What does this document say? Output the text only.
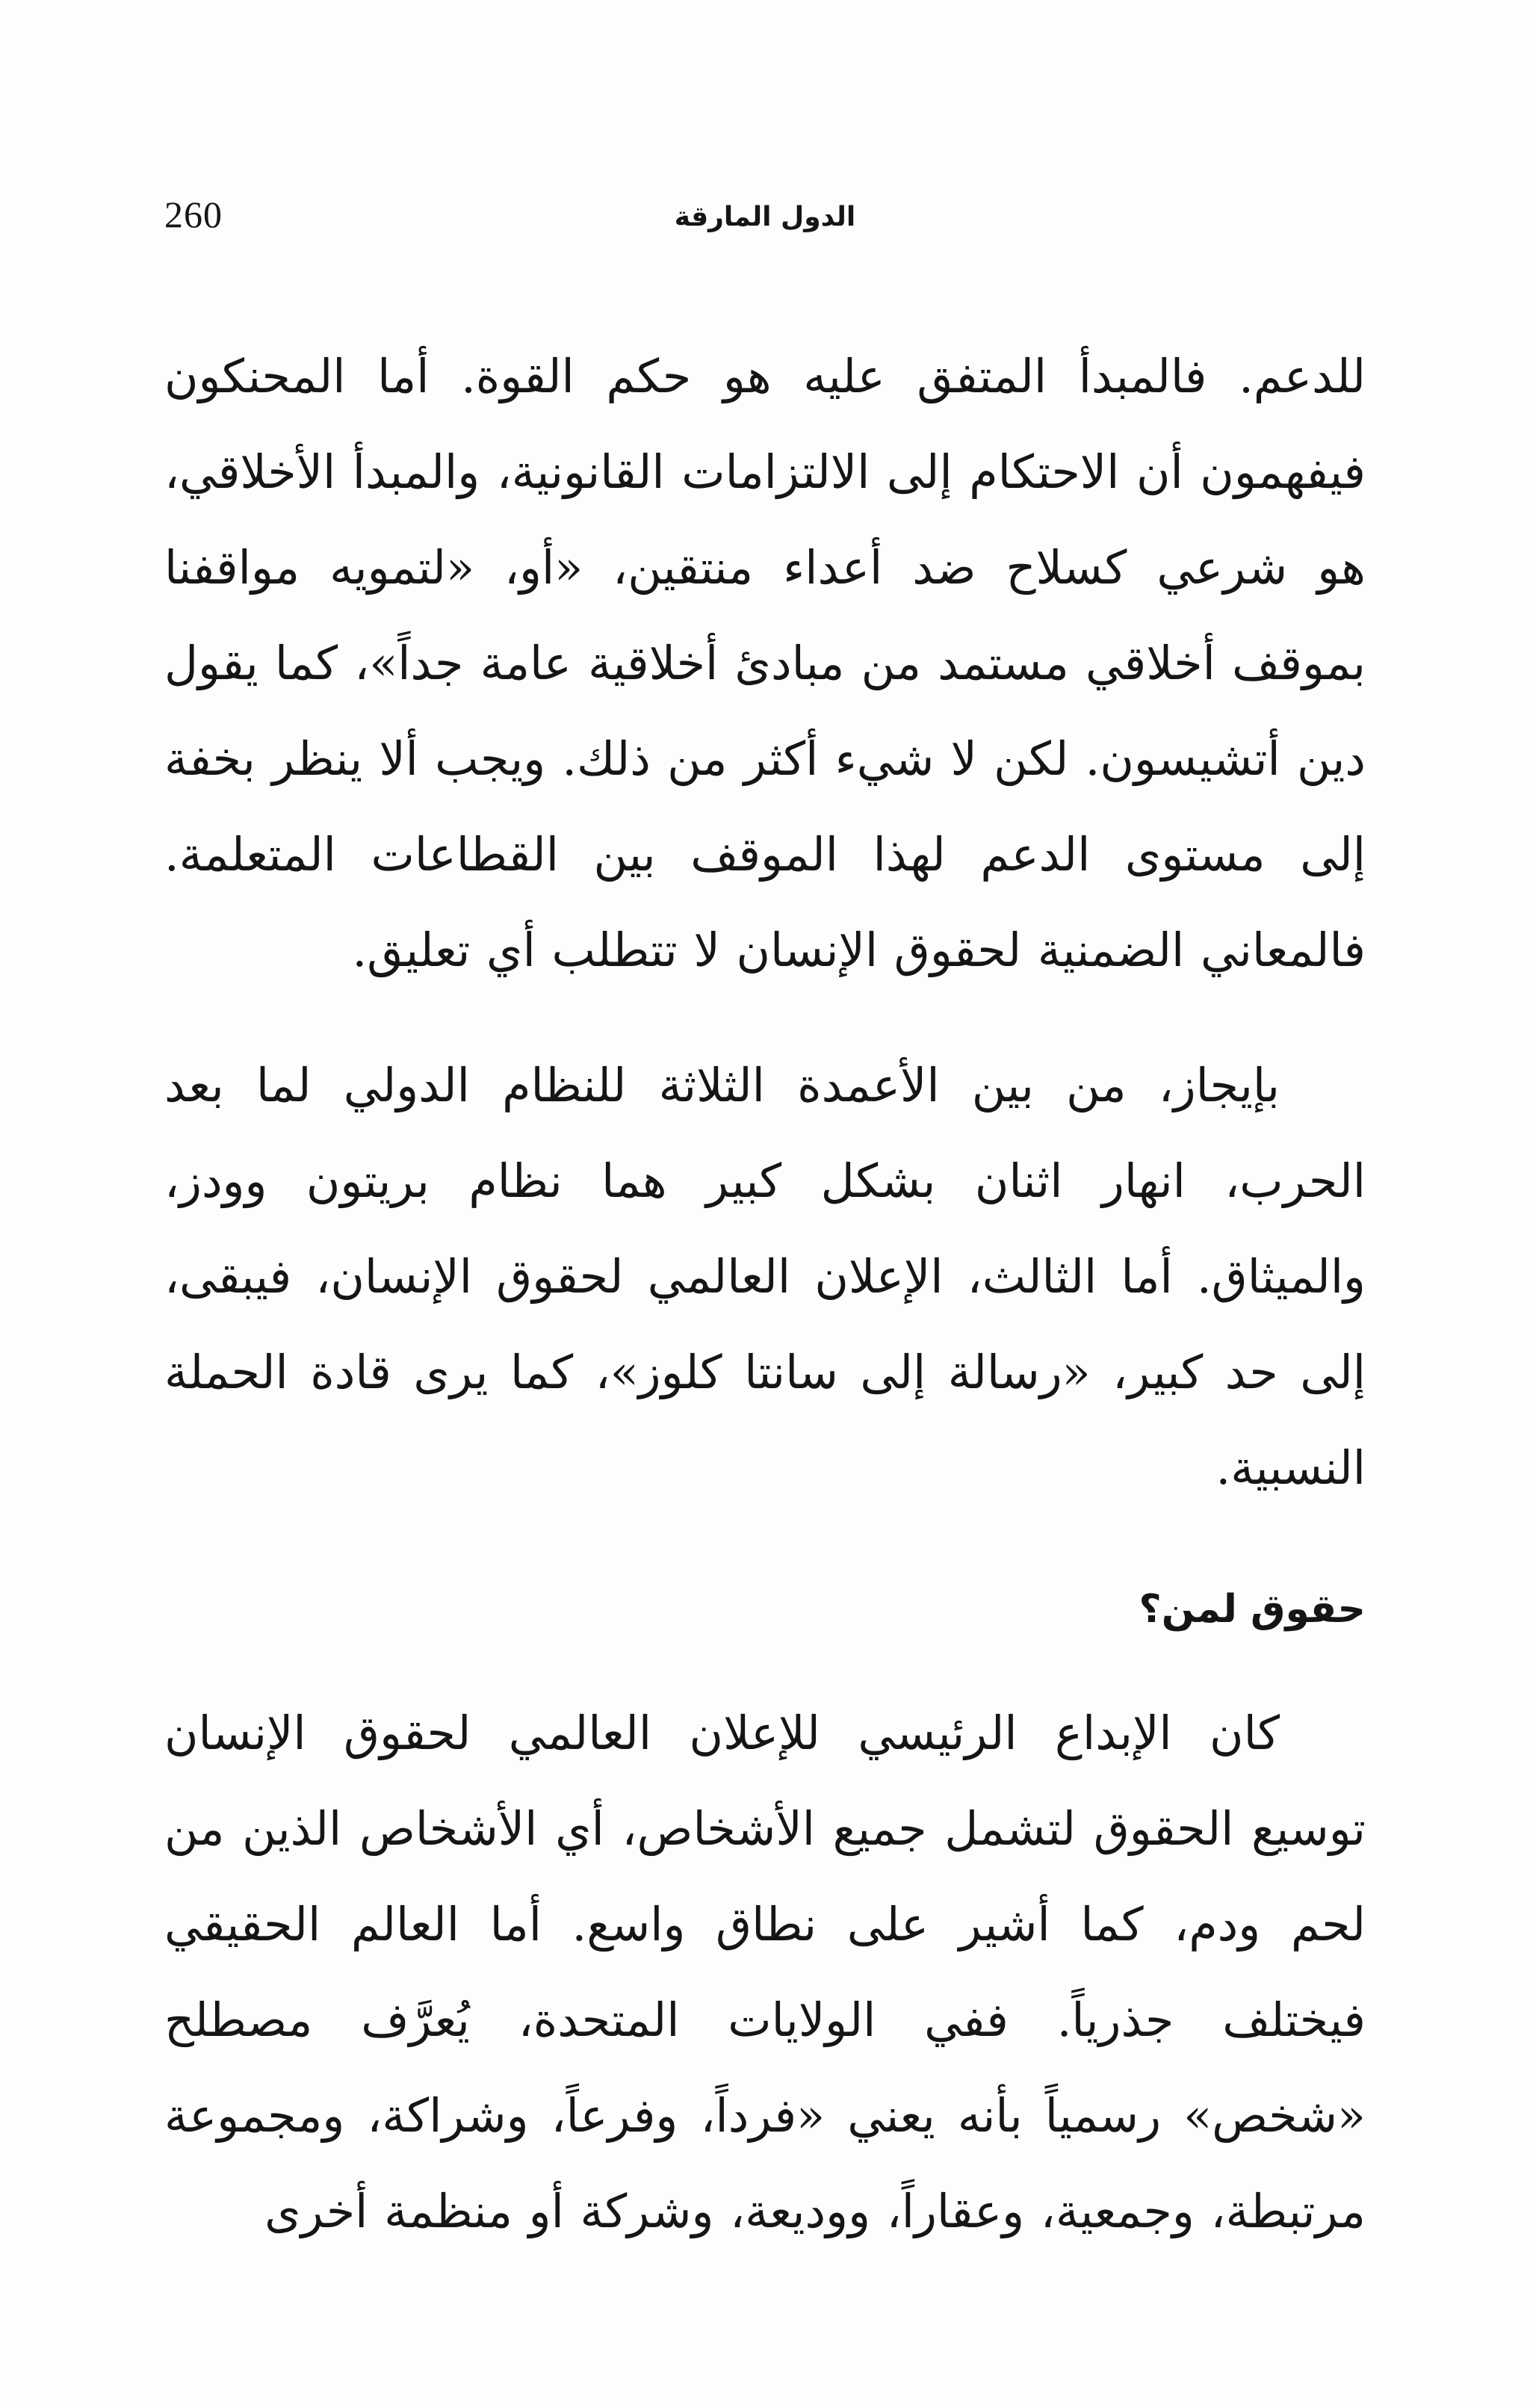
260	الدول المارقة

للدعم. فالمبدأ المتفق عليه هو حكم القوة. أما المحنكون فيفهمون أن الاحتكام إلى الالتزامات القانونية، والمبدأ الأخلاقي، هو شرعي كسلاح ضد أعداء منتقين، «أو، «لتمويه مواقفنا بموقف أخلاقي مستمد من مبادئ أخلاقية عامة جداً»، كما يقول دين أتشيسون. لكن لا شيء أكثر من ذلك. ويجب ألا ينظر بخفة إلى مستوى الدعم لهذا الموقف بين القطاعات المتعلمة. فالمعاني الضمنية لحقوق الإنسان لا تتطلب أي تعليق.

بإيجاز، من بين الأعمدة الثلاثة للنظام الدولي لما بعد الحرب، انهار اثنان بشكل كبير هما نظام بريتون وودز، والميثاق. أما الثالث، الإعلان العالمي لحقوق الإنسان، فيبقى، إلى حد كبير، «رسالة إلى سانتا كلوز»، كما يرى قادة الحملة النسبية.

حقوق لمن؟

كان الإبداع الرئيسي للإعلان العالمي لحقوق الإنسان توسيع الحقوق لتشمل جميع الأشخاص، أي الأشخاص الذين من لحم ودم، كما أشير على نطاق واسع. أما العالم الحقيقي فيختلف جذرياً. ففي الولايات المتحدة، يُعرَّف مصطلح «شخص» رسمياً بأنه يعني «فرداً، وفرعاً، وشراكة، ومجموعة مرتبطة، وجمعية، وعقاراً، ووديعة، وشركة أو منظمة أخرى
